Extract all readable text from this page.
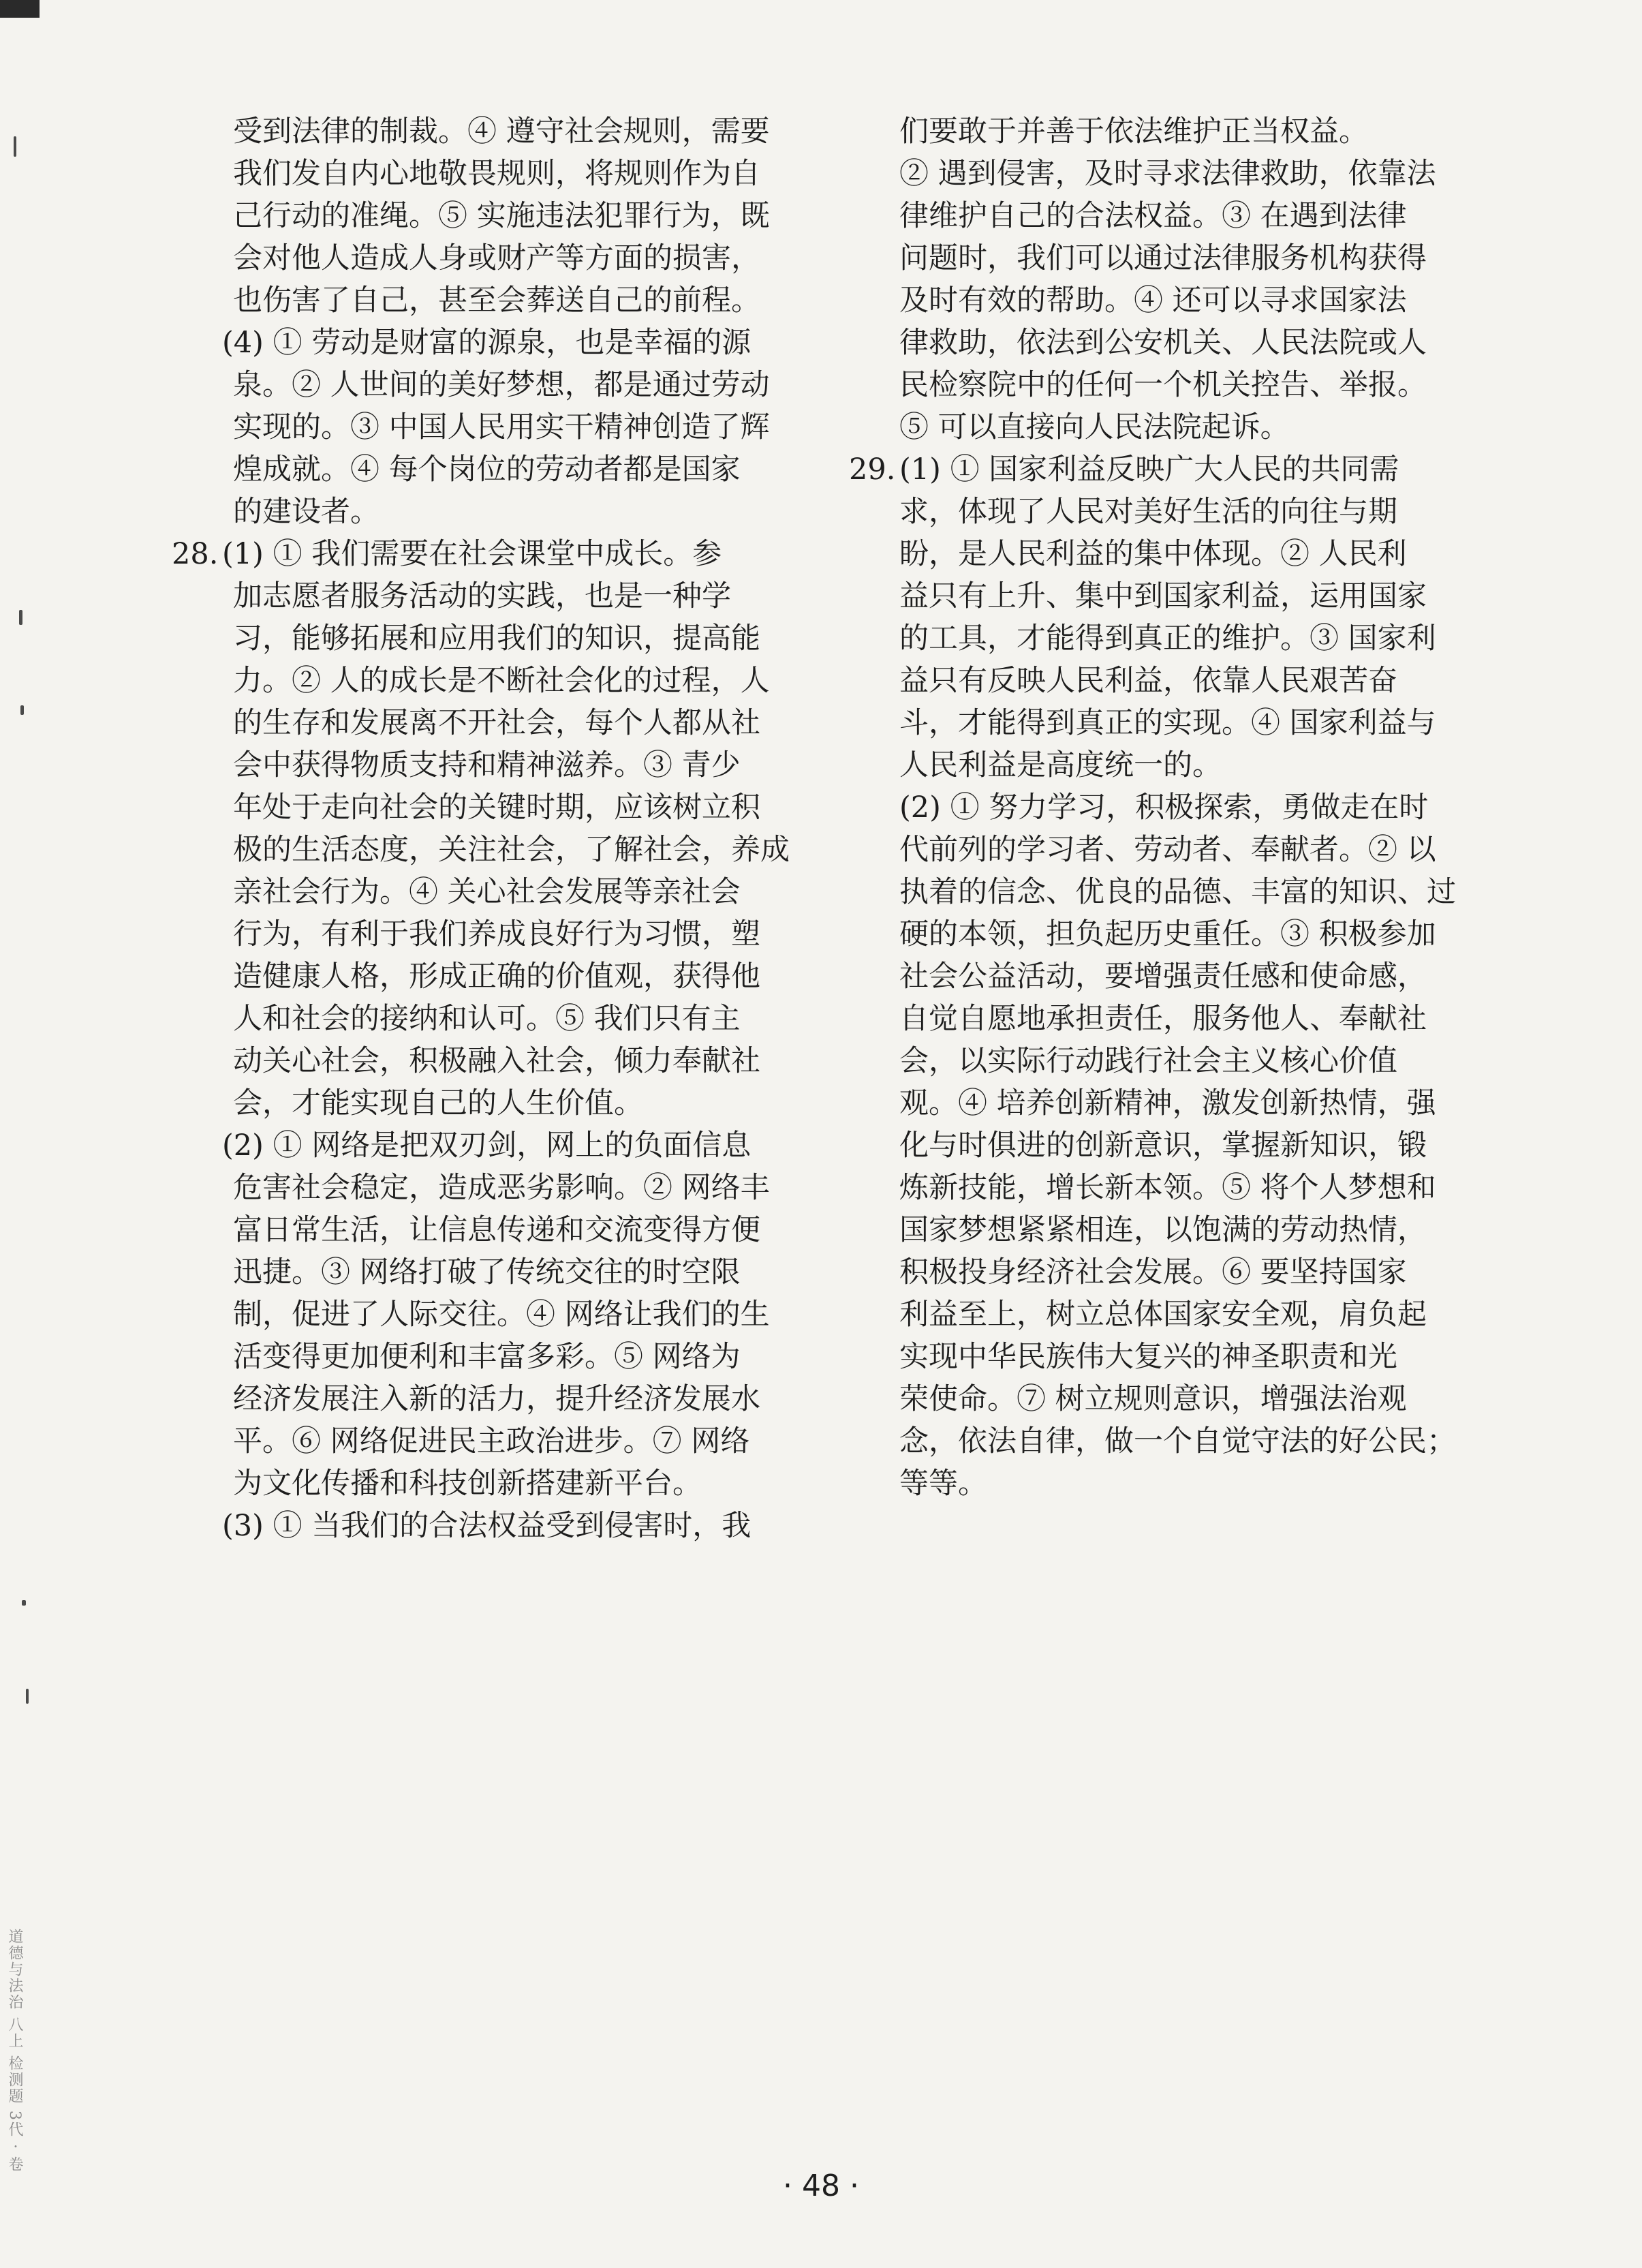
受到法律的制裁。④ 遵守社会规则，需要
我们发自内心地敬畏规则，将规则作为自
己行动的准绳。⑤ 实施违法犯罪行为，既
会对他人造成人身或财产等方面的损害，
也伤害了自己，甚至会葬送自己的前程。
(4) ① 劳动是财富的源泉，也是幸福的源
泉。② 人世间的美好梦想，都是通过劳动
实现的。③ 中国人民用实干精神创造了辉
煌成就。④ 每个岗位的劳动者都是国家
的建设者。
28. (1) ① 我们需要在社会课堂中成长。参
加志愿者服务活动的实践，也是一种学
习，能够拓展和应用我们的知识，提高能
力。② 人的成长是不断社会化的过程，人
的生存和发展离不开社会，每个人都从社
会中获得物质支持和精神滋养。③ 青少
年处于走向社会的关键时期，应该树立积
极的生活态度，关注社会，了解社会，养成
亲社会行为。④ 关心社会发展等亲社会
行为，有利于我们养成良好行为习惯，塑
造健康人格，形成正确的价值观，获得他
人和社会的接纳和认可。⑤ 我们只有主
动关心社会，积极融入社会，倾力奉献社
会，才能实现自己的人生价值。
(2) ① 网络是把双刃剑，网上的负面信息
危害社会稳定，造成恶劣影响。② 网络丰
富日常生活，让信息传递和交流变得方便
迅捷。③ 网络打破了传统交往的时空限
制，促进了人际交往。④ 网络让我们的生
活变得更加便利和丰富多彩。⑤ 网络为
经济发展注入新的活力，提升经济发展水
平。⑥ 网络促进民主政治进步。⑦ 网络
为文化传播和科技创新搭建新平台。
(3) ① 当我们的合法权益受到侵害时，我
们要敢于并善于依法维护正当权益。
② 遇到侵害，及时寻求法律救助，依靠法
律维护自己的合法权益。③ 在遇到法律
问题时，我们可以通过法律服务机构获得
及时有效的帮助。④ 还可以寻求国家法
律救助，依法到公安机关、人民法院或人
民检察院中的任何一个机关控告、举报。
⑤ 可以直接向人民法院起诉。
29. (1) ① 国家利益反映广大人民的共同需
求，体现了人民对美好生活的向往与期
盼，是人民利益的集中体现。② 人民利
益只有上升、集中到国家利益，运用国家
的工具，才能得到真正的维护。③ 国家利
益只有反映人民利益，依靠人民艰苦奋
斗，才能得到真正的实现。④ 国家利益与
人民利益是高度统一的。
(2) ① 努力学习，积极探索，勇做走在时
代前列的学习者、劳动者、奉献者。② 以
执着的信念、优良的品德、丰富的知识、过
硬的本领，担负起历史重任。③ 积极参加
社会公益活动，要增强责任感和使命感，
自觉自愿地承担责任，服务他人、奉献社
会，以实际行动践行社会主义核心价值
观。④ 培养创新精神，激发创新热情，强
化与时俱进的创新意识，掌握新知识，锻
炼新技能，增长新本领。⑤ 将个人梦想和
国家梦想紧紧相连，以饱满的劳动热情，
积极投身经济社会发展。⑥ 要坚持国家
利益至上，树立总体国家安全观，肩负起
实现中华民族伟大复兴的神圣职责和光
荣使命。⑦ 树立规则意识，增强法治观
念，依法自律，做一个自觉守法的好公民；
等等。
道德与法治 八上 检测题 3代 · 卷
· 48 ·
